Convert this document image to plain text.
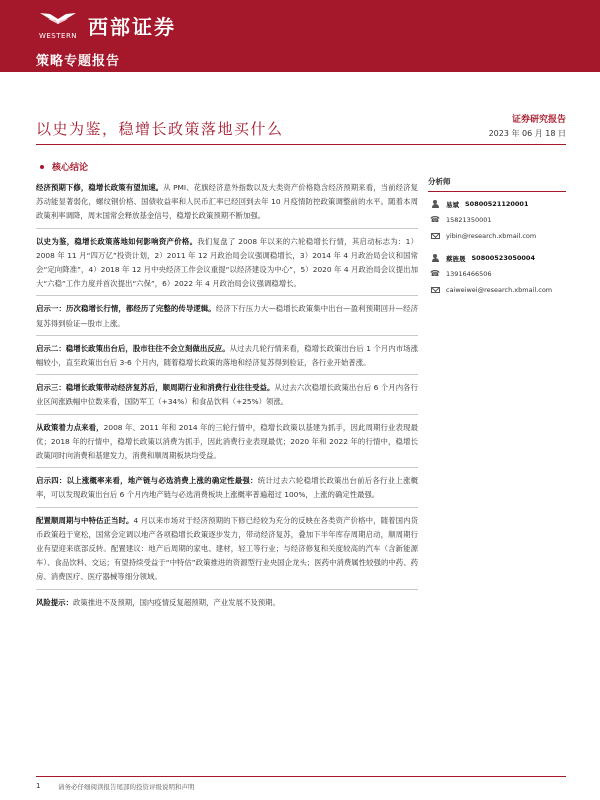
WESTERN 西部证券
策略专题报告
以史为鉴，稳增长政策落地买什么	证券研究报告
2023 年 06 月 18 日
核心结论
经济预期下修，稳增长政策有望加速。从 PMI、花旗经济意外指数以及大类资产价格隐含经济预期来看，当前经济复苏动能显著弱化，螺纹钢价格、国债收益率和人民币汇率已经回到去年 10 月疫情防控政策调整前的水平。随着本周政策利率调降，周末国常会释放基金信号，稳增长政策预期不断加强。
以史为鉴，稳增长政策落地如何影响资产价格。我们复盘了 2008 年以来的六轮稳增长行情，其启动标志为：1）2008 年 11 月“四万亿”投资计划，2）2011 年 12 月政治局会议强调稳增长，3）2014 年 4 月政治局会议和国常会“定向降准”，4）2018 年 12 月中央经济工作会议重提“以经济建设为中心”，5）2020 年 4 月政治局会议提出加大“六稳”工作力度并首次提出“六保”，6）2022 年 4 月政治局会议强调稳增长。
启示一：历次稳增长行情，都经历了完整的传导逻辑。经济下行压力大—稳增长政策集中出台—盈利预期回升—经济复苏得到验证—股市上涨。
启示二：稳增长政策出台后，股市往往不会立刻做出反应。从过去几轮行情来看，稳增长政策出台后 1 个月内市场涨幅较小，直至政策出台后 3-6 个月内，随着稳增长政策的落地和经济复苏得到验证，各行业开始普涨。
启示三：稳增长政策带动经济复苏后，顺周期行业和消费行业往往受益。从过去六次稳增长政策出台后 6 个月内各行业区间涨跌幅中位数来看，国防军工（+34%）和食品饮料（+25%）领涨。
从政策着力点来看，2008 年、2011 年和 2014 年的三轮行情中，稳增长政策以基建为抓手，因此周期行业表现最优；2018 年的行情中，稳增长政策以消费为抓手，因此消费行业表现最优；2020 年和 2022 年的行情中，稳增长政策同时向消费和基建发力，消费和顺周期板块均受益。
启示四：以上涨概率来看，地产链与必选消费上涨的确定性最强：统计过去六轮稳增长政策出台前后各行业上涨概率，可以发现政策出台后 6 个月内地产链与必选消费板块上涨概率普遍超过 100%，上涨的确定性最强。
配置顺周期与中特估正当时。4 月以来市场对于经济预期的下修已经较为充分的反映在各类资产价格中，随着国内货币政策趋于宽松，国常会定调以地产各项稳增长政策逐步发力，带动经济复苏，叠加下半年库存周期启动，顺周期行业有望迎来底部反转。配置建议：地产后周期的家电、建材，轻工等行业；与经济修复和关度较高的汽车（含新能源车）、食品饮料、交运；有望持续受益于“中特估”政策推进的资源型行业央国企龙头；医药中消费属性较强的中药、药房、消费医疗、医疗器械等细分领域。
风险提示：政策推进不及预期，国内疫情反复超预期，产业发展不及预期。
分析师
易斌 S0800521120001
☎ 15821350001
yibin@research.xbmail.com
蔡旌晟 S0800523050004
☎ 13916466506
caiweiwei@research.xbmail.com
1	请务必仔细阅读报告尾部的投资评级说明和声明
